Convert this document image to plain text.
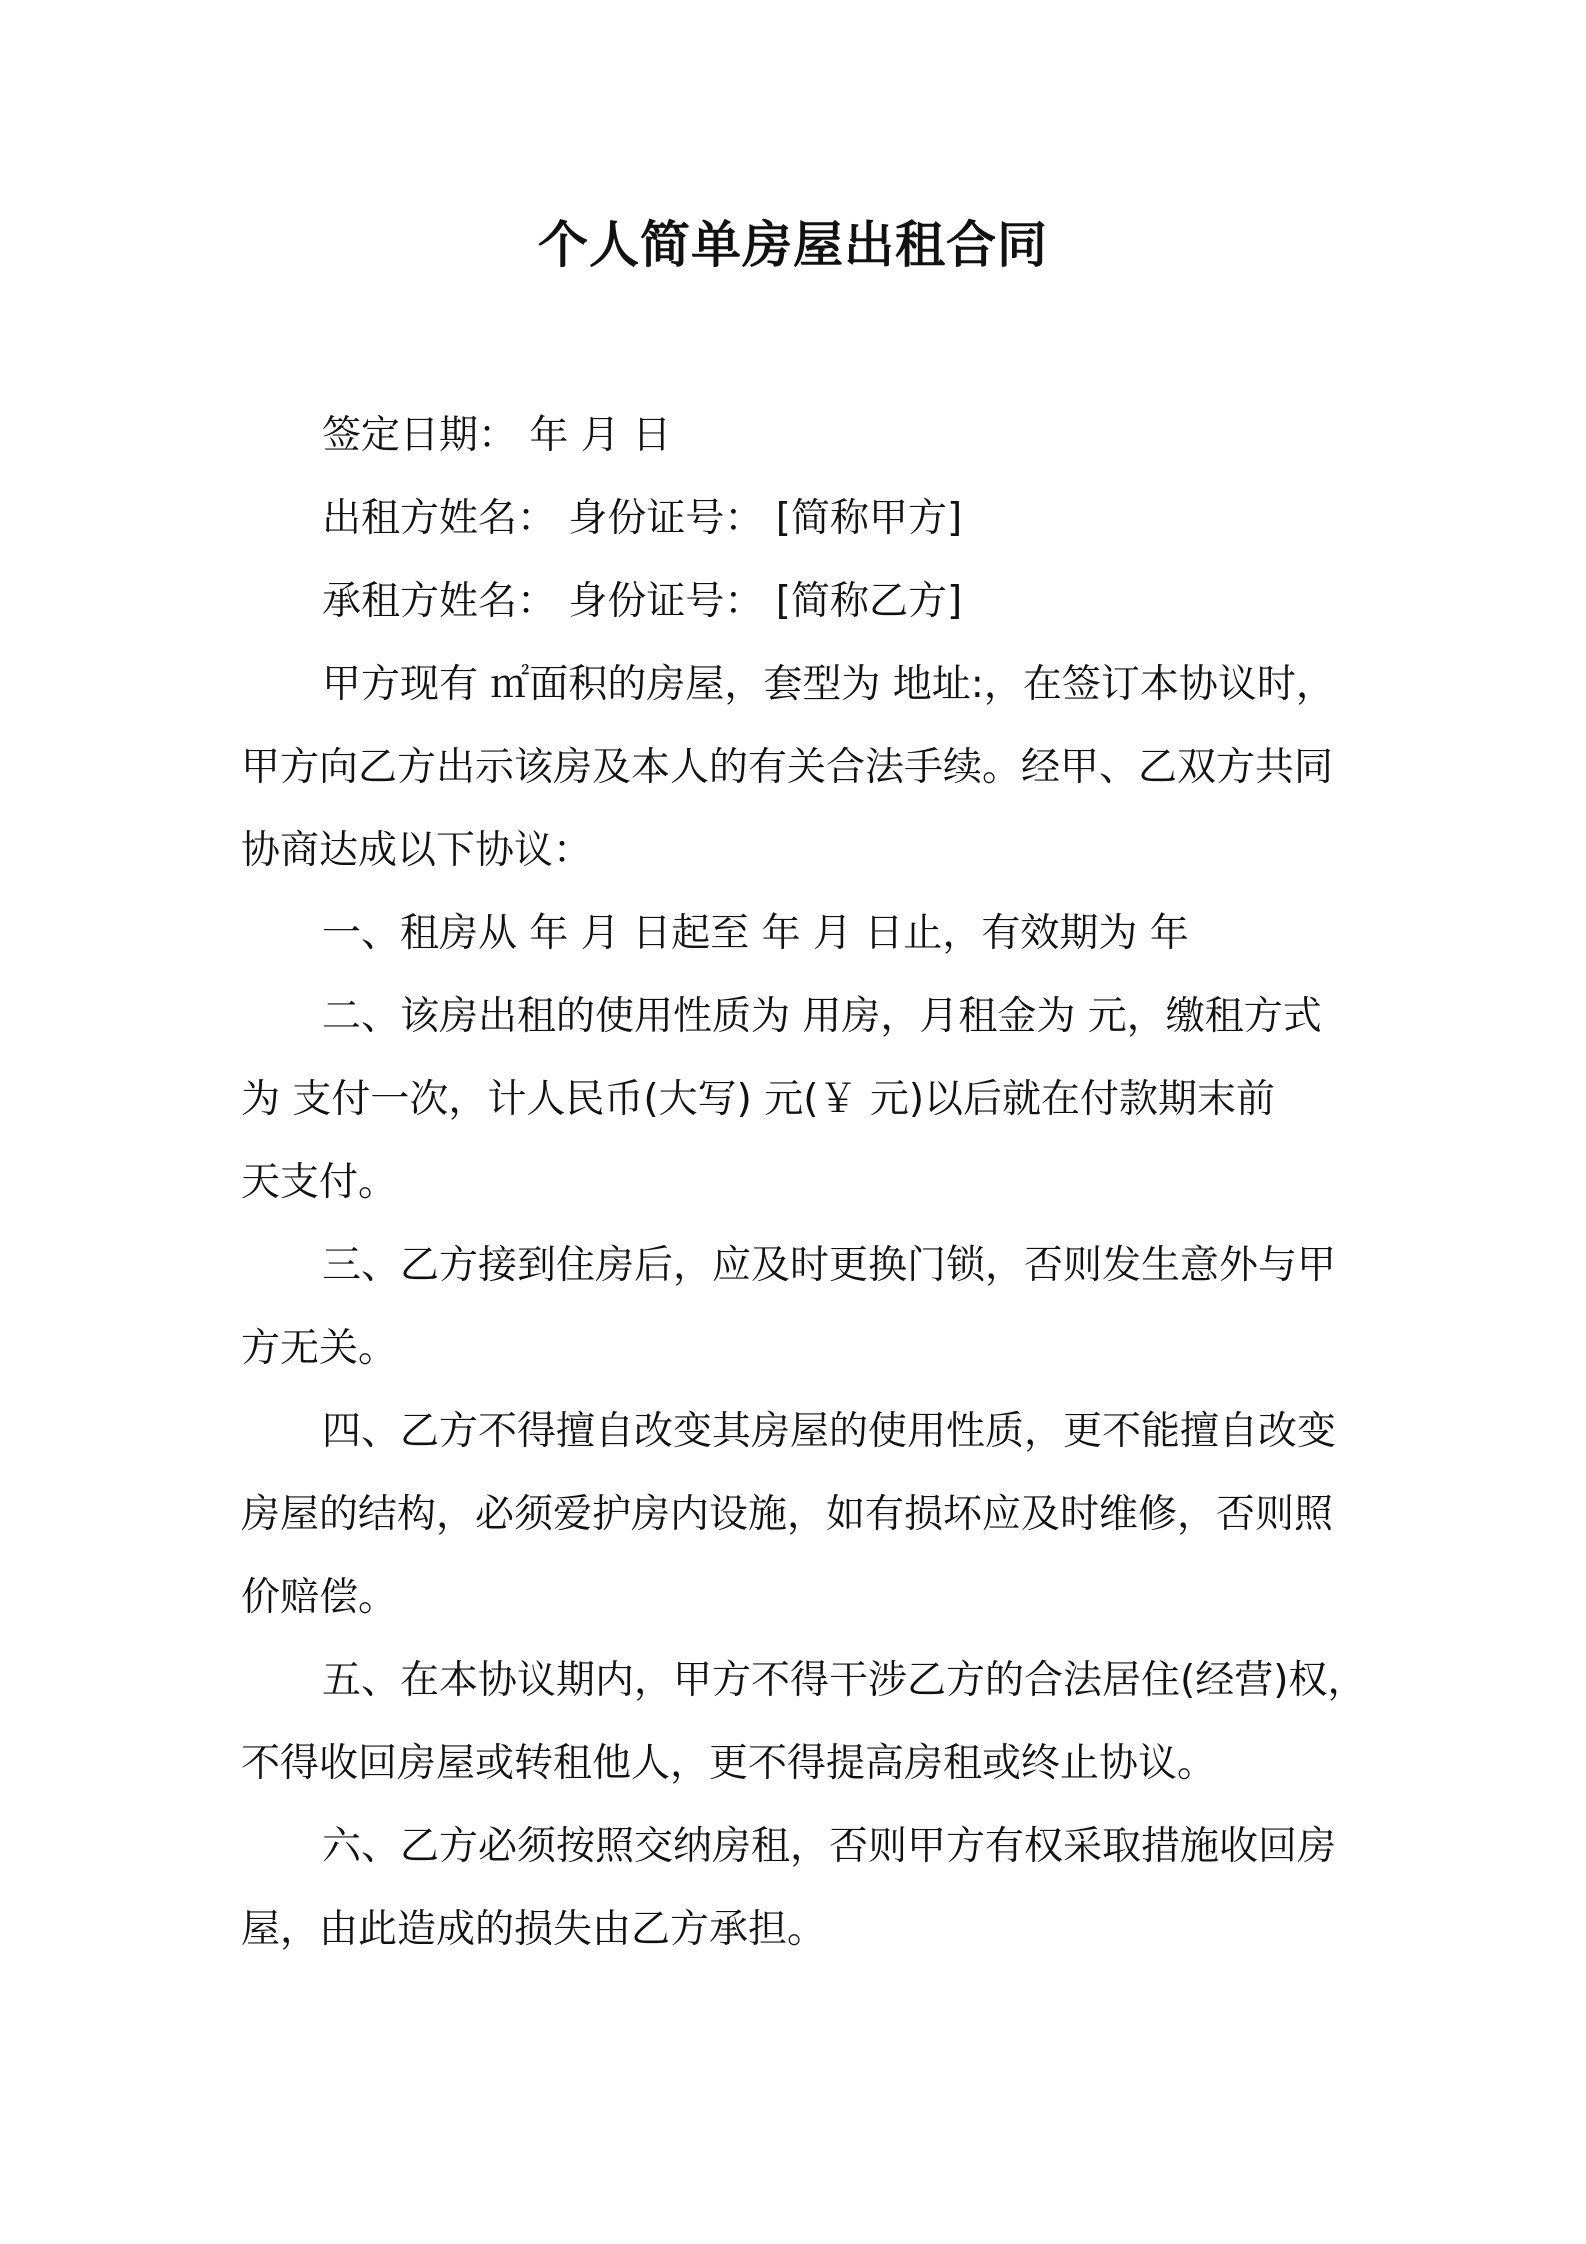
个人简单房屋出租合同
签定日期： 年 月 日
出租方姓名： 身份证号： [简称甲方]
承租方姓名： 身份证号： [简称乙方]
甲方现有 ㎡面积的房屋，套型为 地址:，在签订本协议时，
甲方向乙方出示该房及本人的有关合法手续。经甲、乙双方共同
协商达成以下协议：
一、租房从 年 月 日起至 年 月 日止，有效期为 年
二、该房出租的使用性质为 用房，月租金为 元，缴租方式
为 支付一次，计人民币(大写) 元(￥ 元)以后就在付款期末前
天支付。
三、乙方接到住房后，应及时更换门锁，否则发生意外与甲
方无关。
四、乙方不得擅自改变其房屋的使用性质，更不能擅自改变
房屋的结构，必须爱护房内设施，如有损坏应及时维修，否则照
价赔偿。
五、在本协议期内，甲方不得干涉乙方的合法居住(经营)权，
不得收回房屋或转租他人，更不得提高房租或终止协议。
六、乙方必须按照交纳房租，否则甲方有权采取措施收回房
屋，由此造成的损失由乙方承担。
